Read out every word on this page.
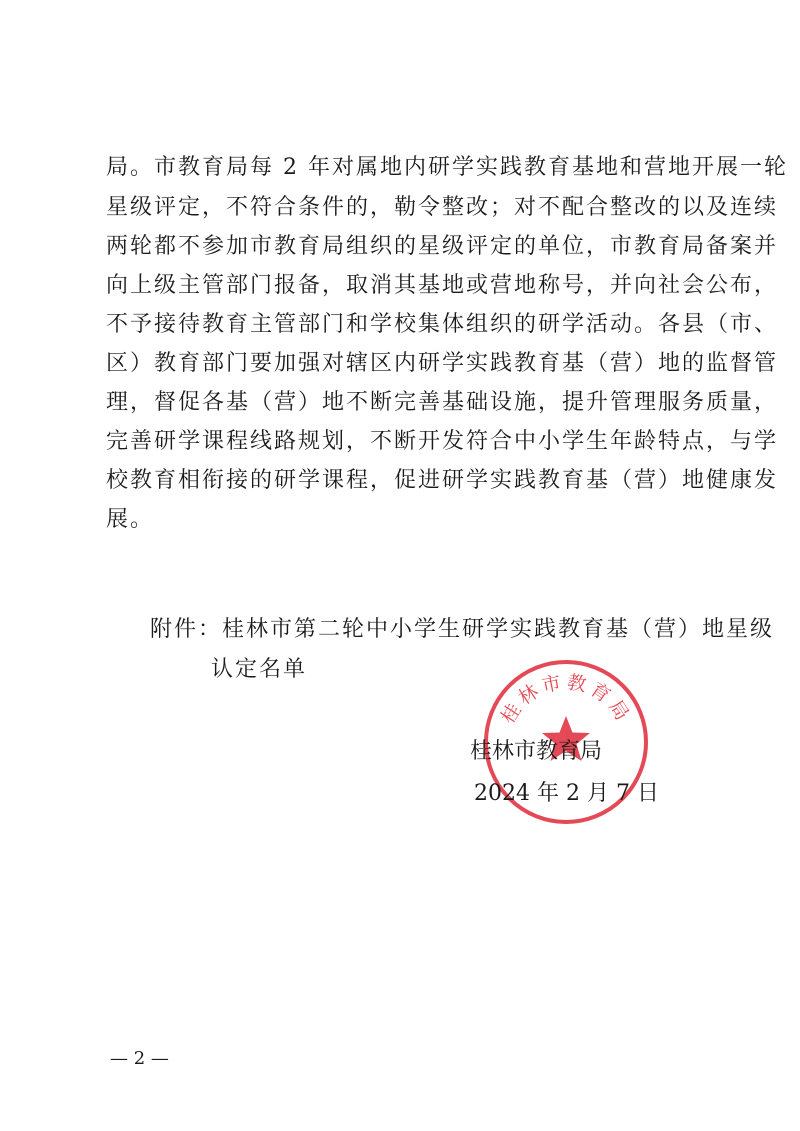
局。市教育局每 2 年对属地内研学实践教育基地和营地开展一轮
星级评定，不符合条件的，勒令整改；对不配合整改的以及连续
两轮都不参加市教育局组织的星级评定的单位，市教育局备案并
向上级主管部门报备，取消其基地或营地称号，并向社会公布，
不予接待教育主管部门和学校集体组织的研学活动。各县（市、
区）教育部门要加强对辖区内研学实践教育基（营）地的监督管
理，督促各基（营）地不断完善基础设施，提升管理服务质量，
完善研学课程线路规划，不断开发符合中小学生年龄特点，与学
校教育相衔接的研学课程，促进研学实践教育基（营）地健康发
展。
附件：桂林市第二轮中小学生研学实践教育基（营）地星级
认定名单
桂林市教育局
桂林市教育局
2024 年 2 月 7 日
— 2 —
